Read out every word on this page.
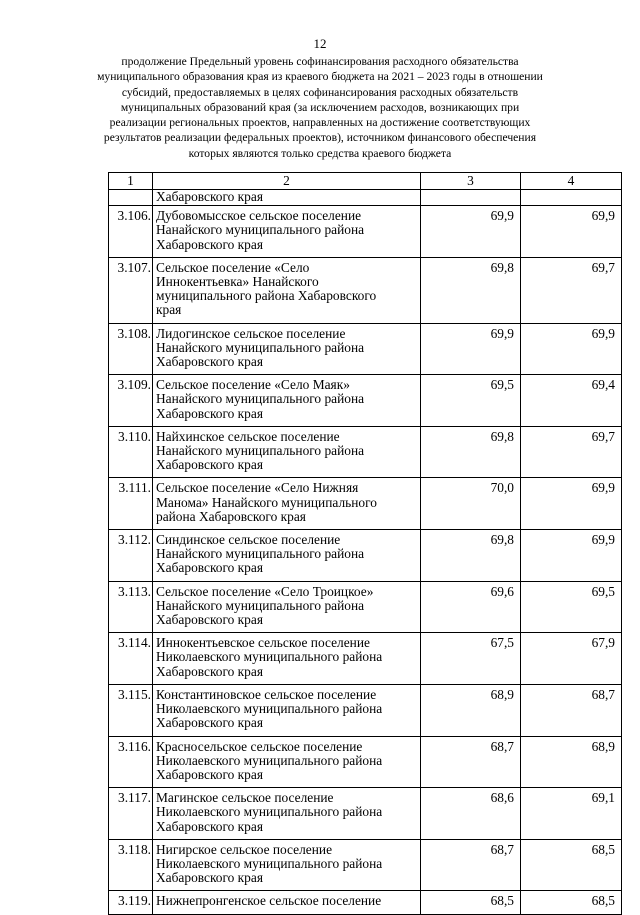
12
продолжение Предельный уровень софинансирования расходного обязательства
муниципального образования края из краевого бюджета на 2021 – 2023 годы в отношении
субсидий, предоставляемых в целях софинансирования расходных обязательств
муниципальных образований края (за исключением расходов, возникающих при
реализации региональных проектов, направленных на достижение соответствующих
результатов реализации федеральных проектов), источником финансового обеспечения
которых являются только средства краевого бюджета
1	2	3	4

	Хабаровского края		

3.106.	Дубовомысское сельское поселение
Нанайского муниципального района
Хабаровского края	69,9	69,9
3.107.	Сельское поселение «Село
Иннокентьевка» Нанайского
муниципального района Хабаровского
края	69,8	69,7
3.108.	Лидогинское сельское поселение
Нанайского муниципального района
Хабаровского края	69,9	69,9
3.109.	Сельское поселение «Село Маяк»
Нанайского муниципального района
Хабаровского края	69,5	69,4
3.110.	Найхинское сельское поселение
Нанайского муниципального района
Хабаровского края	69,8	69,7
3.111.	Сельское поселение «Село Нижняя
Манома» Нанайского муниципального
района Хабаровского края	70,0	69,9
3.112.	Синдинское сельское поселение
Нанайского муниципального района
Хабаровского края	69,8	69,9
3.113.	Сельское поселение «Село Троицкое»
Нанайского муниципального района
Хабаровского края	69,6	69,5
3.114.	Иннокентьевское сельское поселение
Николаевского муниципального района
Хабаровского края	67,5	67,9
3.115.	Константиновское сельское поселение
Николаевского муниципального района
Хабаровского края	68,9	68,7
3.116.	Красносельское сельское поселение
Николаевского муниципального района
Хабаровского края	68,7	68,9
3.117.	Магинское сельское поселение
Николаевского муниципального района
Хабаровского края	68,6	69,1
3.118.	Нигирское сельское поселение
Николаевского муниципального района
Хабаровского края	68,7	68,5
3.119.	Нижнепронгенское сельское поселение	68,5	68,5
